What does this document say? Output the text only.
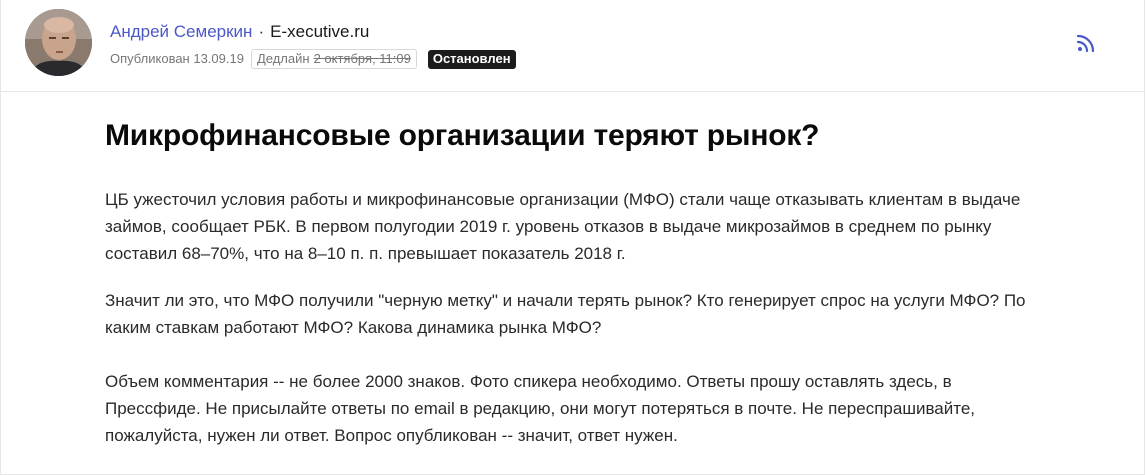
Андрей Семеркин · E-xecutive.ru
Опубликован 13.09.19 Дедлайн 2 октября, 11:09	Остановлен
Микрофинансовые организации теряют рынок?

ЦБ ужесточил условия работы и микрофинансовые организации (МФО) стали чаще отказывать клиентам в выдаче займов, сообщает РБК. В первом полугодии 2019 г. уровень отказов в выдаче микрозаймов в среднем по рынку составил 68–70%, что на 8–10 п. п. превышает показатель 2018 г.

Значит ли это, что МФО получили "черную метку" и начали терять рынок? Кто генерирует спрос на услуги МФО? По каким ставкам работают МФО? Какова динамика рынка МФО?

Объем комментария -- не более 2000 знаков. Фото спикера необходимо. Ответы прошу оставлять здесь, в Прессфиде. Не присылайте ответы по email в редакцию, они могут потеряться в почте. Не переспрашивайте, пожалуйста, нужен ли ответ. Вопрос опубликован -- значит, ответ нужен.
